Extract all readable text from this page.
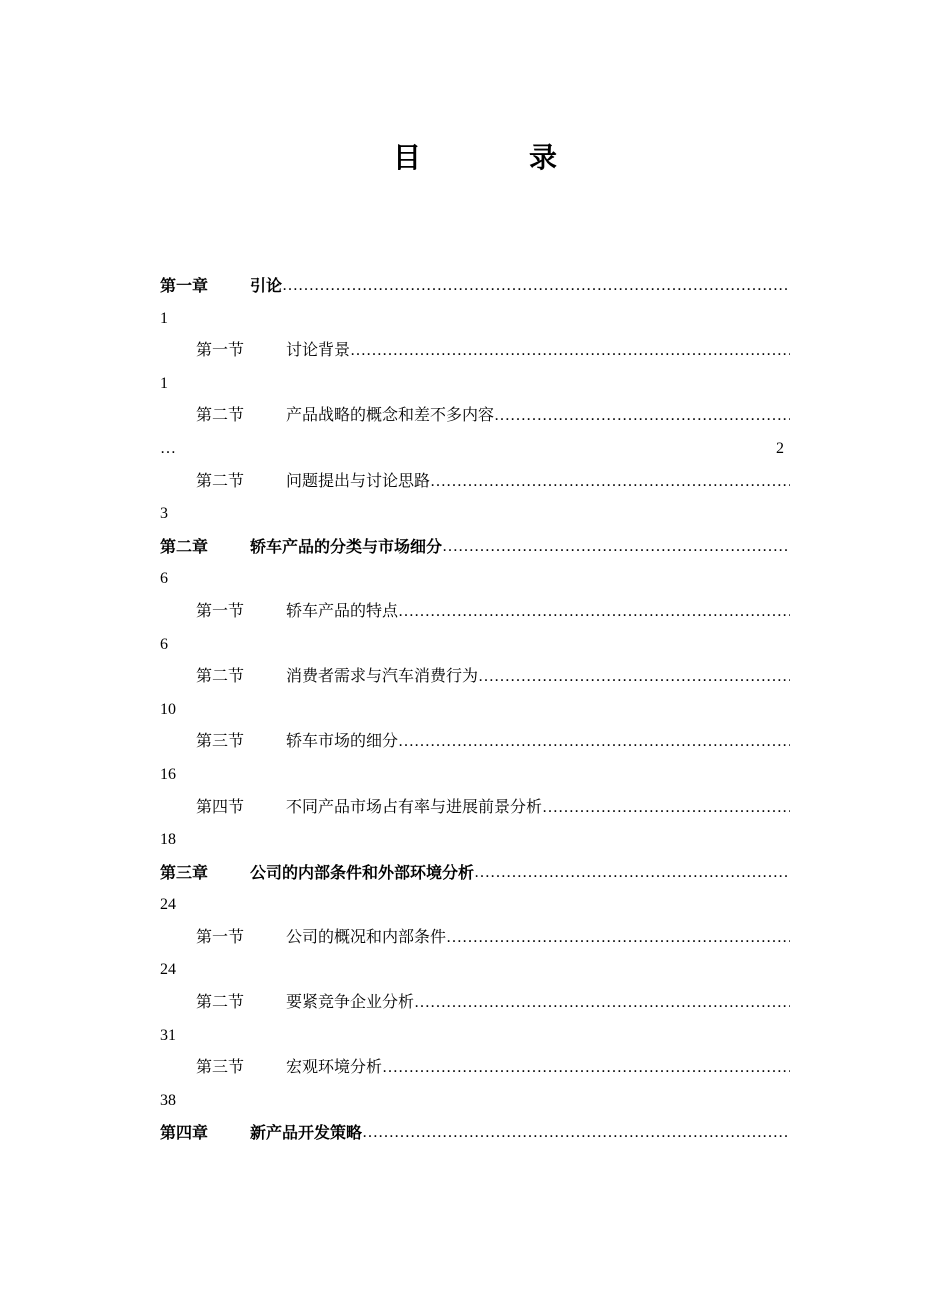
目　录
第一章	引论
…………………………………………………………………………………………………………………………………………
1
第一节	讨论背景
…………………………………………………………………………………………………………………………………………
1
第二节	产品战略的概念和差不多内容
…………………………………………………………………………………………………………………………………………
…	2
第二节	问题提出与讨论思路
…………………………………………………………………………………………………………………………………………
3
第二章	轿车产品的分类与市场细分
…………………………………………………………………………………………………………………………………………
6
第一节	轿车产品的特点
…………………………………………………………………………………………………………………………………………
6
第二节	消费者需求与汽车消费行为
…………………………………………………………………………………………………………………………………………
10
第三节	轿车市场的细分
…………………………………………………………………………………………………………………………………………
16
第四节	不同产品市场占有率与进展前景分析
…………………………………………………………………………………………………………………………………………
18
第三章	公司的内部条件和外部环境分析
…………………………………………………………………………………………………………………………………………
24
第一节	公司的概况和内部条件
…………………………………………………………………………………………………………………………………………
24
第二节	要紧竞争企业分析
…………………………………………………………………………………………………………………………………………
31
第三节	宏观环境分析
…………………………………………………………………………………………………………………………………………
38
第四章	新产品开发策略
…………………………………………………………………………………………………………………………………………
